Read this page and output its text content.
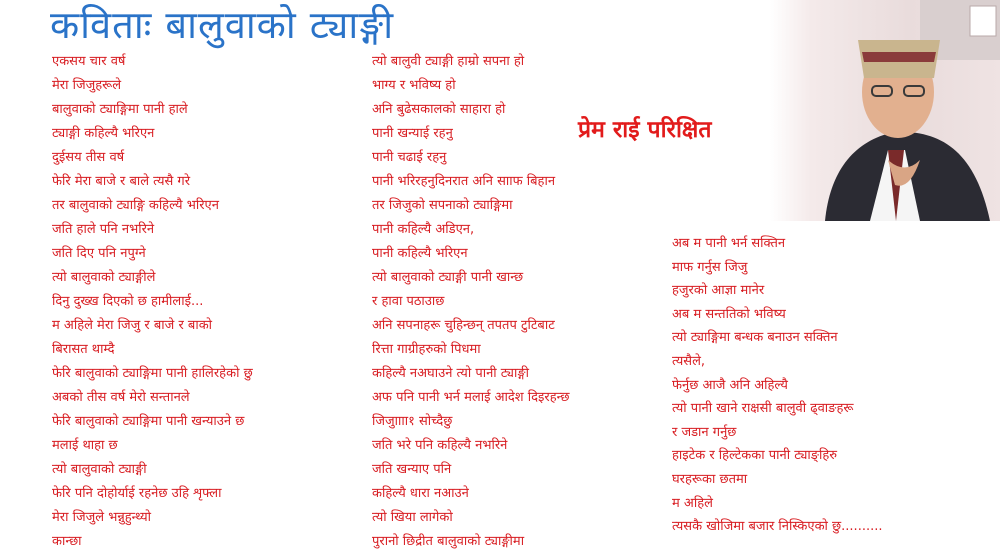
कविताः बालुवाको ट्याङ्गी
प्रेम राई परिक्षित
एकसय चार वर्ष
मेरा जिजुहरूले
बालुवाको ट्याङ्गिमा पानी हाले
ट्याङ्गी कहिल्यै भरिएन
दुईसय तीस वर्ष
फेरि मेरा बाजे र बाले त्यसै गरे
तर बालुवाको ट्याङ्गि कहिल्यै भरिएन
जति हाले पनि नभरिने
जति दिए पनि नपुग्ने
त्यो बालुवाको ट्याङ्गीले
दिनु दुख्ख दिएको छ हामीलाई...
म अहिले मेरा जिजु र बाजे र बाको
बिरासत थाम्दै
फेरि बालुवाको ट्याङ्गिमा पानी हालिरहेको छु
अबको तीस वर्ष मेरो सन्तानले
फेरि बालुवाको ट्याङ्गिमा पानी खन्याउने छ
मलाई थाहा छ
त्यो बालुवाको ट्याङ्गी
फेरि पनि दोहोर्याई रहनेछ उहि शृफ्ला
मेरा जिजुले भन्नुहुन्थ्यो
कान्छा
त्यो बालुवी ट्याङ्गी हाम्रो सपना हो
भाग्य र भविष्य हो
अनि बुढेसकालको साहारा हो
पानी खन्याई रहनु
पानी चढाई रहनु
पानी भरिरहनुदिनरात अनि सााफ बिहान
तर जिजुको सपनाको ट्याङ्गिमा
पानी कहिल्यै अडिएन,
पानी कहिल्यै भरिएन
त्यो बालुवाको ट्याङ्गी पानी खान्छ
र हावा पठाउाछ
अनि सपनाहरू चुहिन्छन् तपतप टुटिबाट
रित्ता गाग्रीहरुको पिधमा
कहिल्यै नअघाउने त्यो पानी ट्याङ्गी
अफ पनि पानी भर्न मलाई आदेश दिइरहन्छ
जिजुाााा१ सोच्दैछु
जति भरे पनि कहिल्यै नभरिने
जति खन्याए पनि
कहिल्यै धारा नआउने
त्यो खिया लागेको
पुरानो छिद्रीत बालुवाको ट्याङ्गीमा
अब म पानी भर्न सक्तिन
माफ गर्नुस जिजु
हजुरको आज्ञा मानेर
अब म सन्ततिको भविष्य
त्यो ट्याङ्गिमा बन्धक बनाउन सक्तिन
त्यसैले,
फेर्नुछ आजै अनि अहिल्यै
त्यो पानी खाने राक्षसी बालुवी ढ्वाङहरू
र जडान गर्नुछ
हाइटेक र हिल्टेकका पानी ट्याङ्हिरु
घरहरूका छतमा
म अहिले
त्यसकै खोजिमा बजार निस्किएको छु..........
